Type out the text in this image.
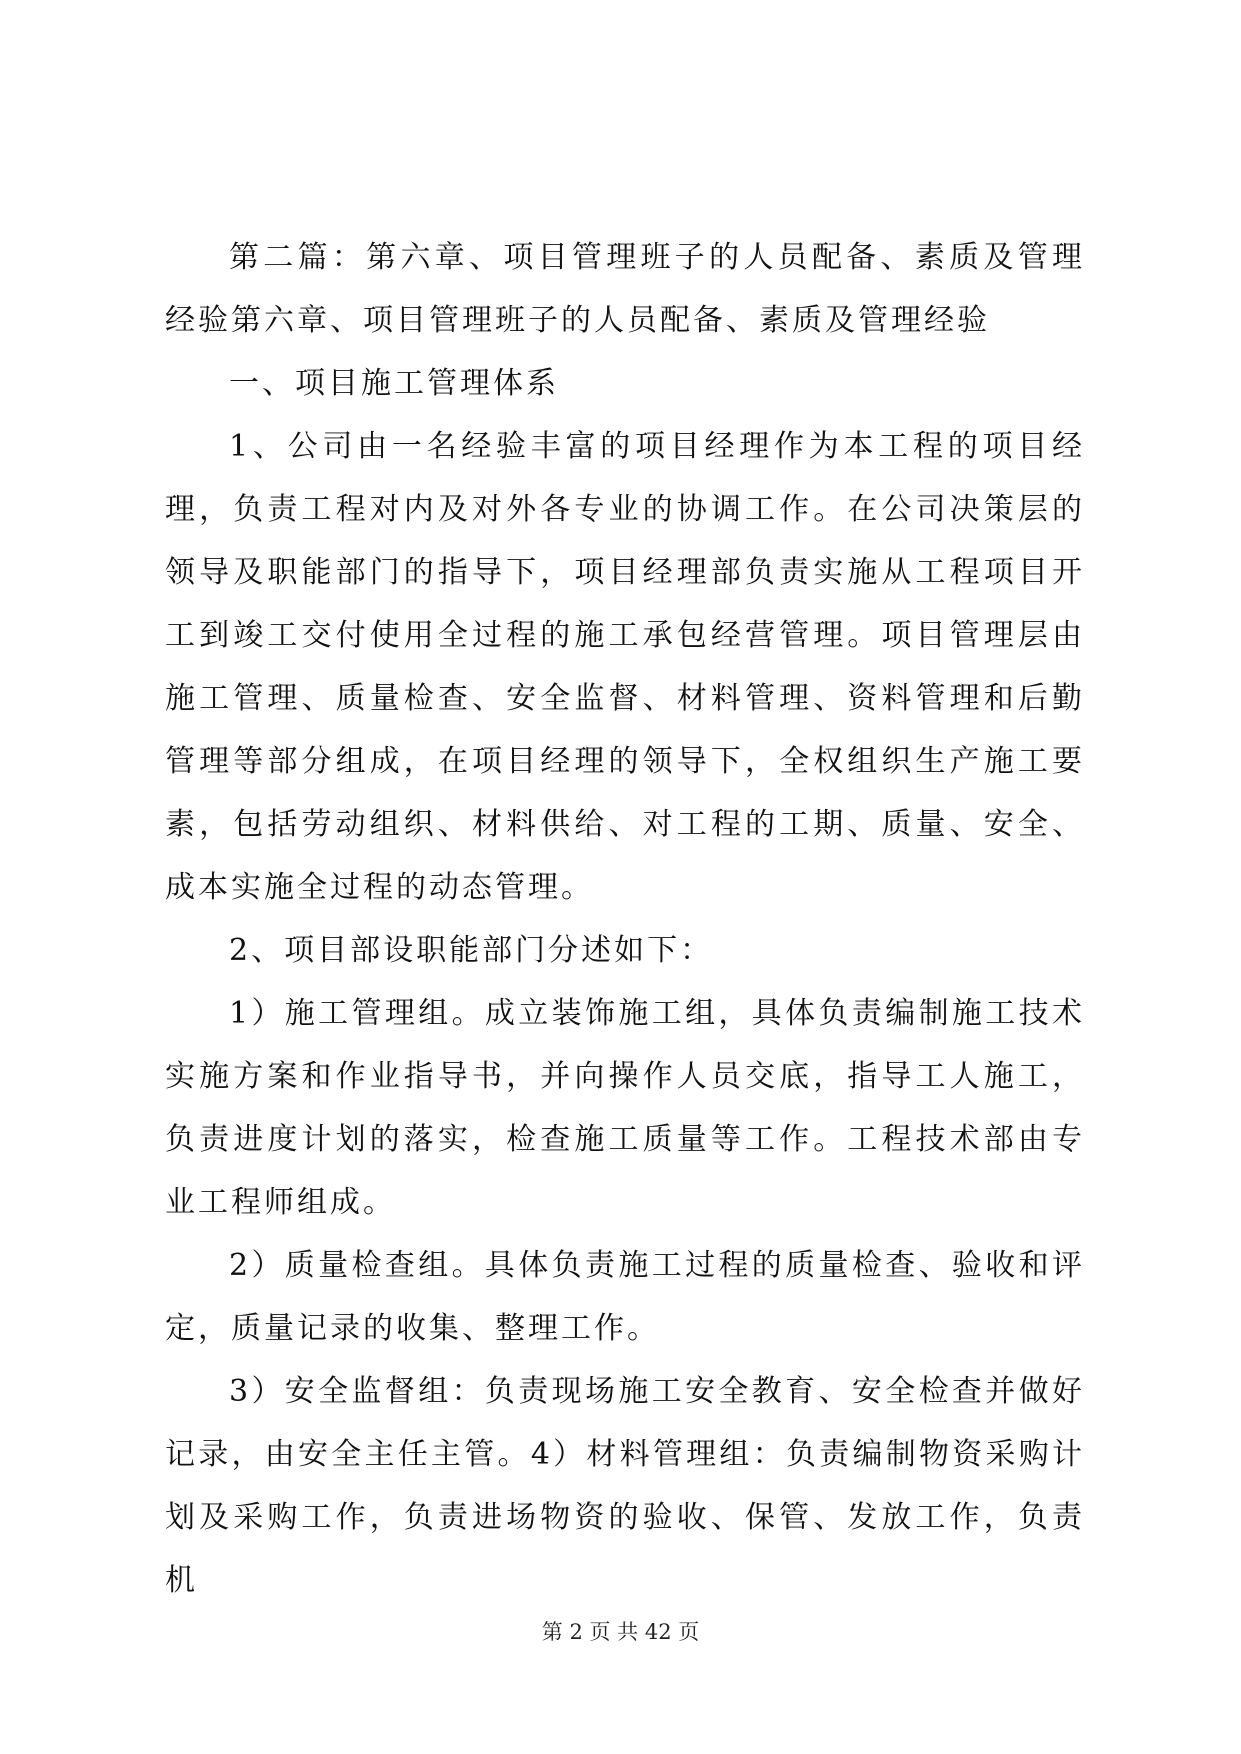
第二篇：第六章、项目管理班子的人员配备、素质及管理经验第六章、项目管理班子的人员配备、素质及管理经验

一、项目施工管理体系

1、公司由一名经验丰富的项目经理作为本工程的项目经理，负责工程对内及对外各专业的协调工作。在公司决策层的领导及职能部门的指导下，项目经理部负责实施从工程项目开工到竣工交付使用全过程的施工承包经营管理。项目管理层由施工管理、质量检查、安全监督、材料管理、资料管理和后勤管理等部分组成，在项目经理的领导下，全权组织生产施工要素，包括劳动组织、材料供给、对工程的工期、质量、安全、成本实施全过程的动态管理。

2、项目部设职能部门分述如下：

1）施工管理组。成立装饰施工组，具体负责编制施工技术实施方案和作业指导书，并向操作人员交底，指导工人施工，负责进度计划的落实，检查施工质量等工作。工程技术部由专业工程师组成。

2）质量检查组。具体负责施工过程的质量检查、验收和评定，质量记录的收集、整理工作。

3）安全监督组：负责现场施工安全教育、安全检查并做好记录，由安全主任主管。4）材料管理组：负责编制物资采购计划及采购工作，负责进场物资的验收、保管、发放工作，负责机

第 2 页 共 42 页
